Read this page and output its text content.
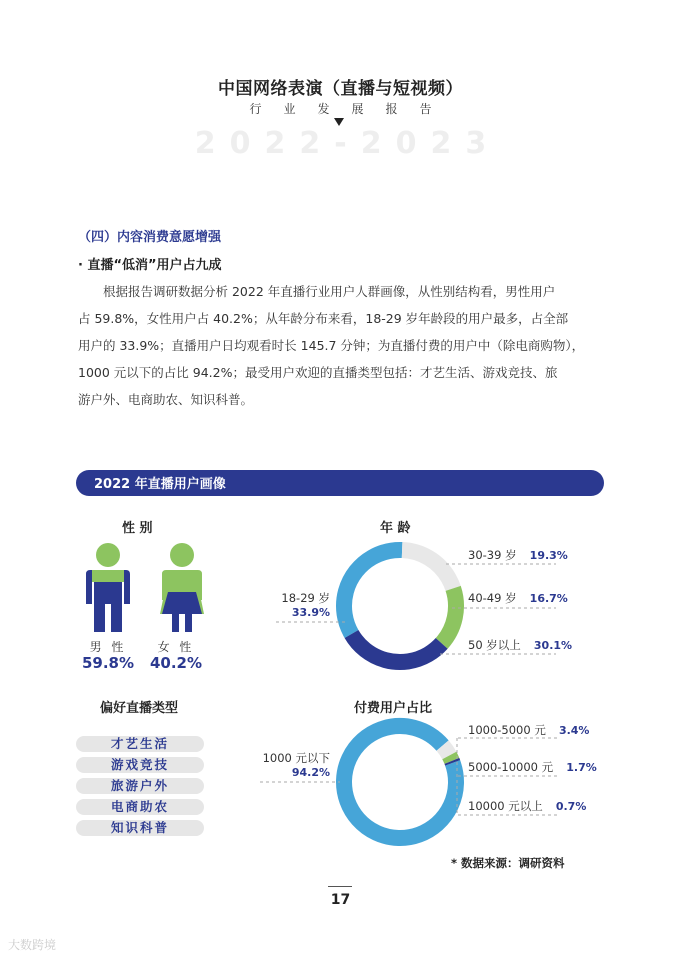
中国网络表演（直播与短视频）
行业发展报告
2022-2023
（四）内容消费意愿增强
· 直播“低消”用户占九成
根据报告调研数据分析 2022 年直播行业用户人群画像，从性别结构看，男性用户
占 59.8%，女性用户占 40.2%；从年龄分布来看，18-29 岁年龄段的用户最多，占全部
用户的 33.9%；直播用户日均观看时长 145.7 分钟；为直播付费的用户中（除电商购物），
1000 元以下的占比 94.2%；最受用户欢迎的直播类型包括：才艺生活、游戏竞技、旅
游户外、电商助农、知识科普。
2022 年直播用户画像
性 别
男 性
59.8%
女 性
40.2%
年 龄
18-29 岁
33.9%
30-39 岁 19.3%
40-49 岁 16.7%
50 岁以上 30.1%
偏好直播类型
才艺生活
游戏竞技
旅游户外
电商助农
知识科普
付费用户占比
1000 元以下
94.2%
1000-5000 元 3.4%
5000-10000 元 1.7%
10000 元以上 0.7%
* 数据来源：调研资料
17
大数跨境
